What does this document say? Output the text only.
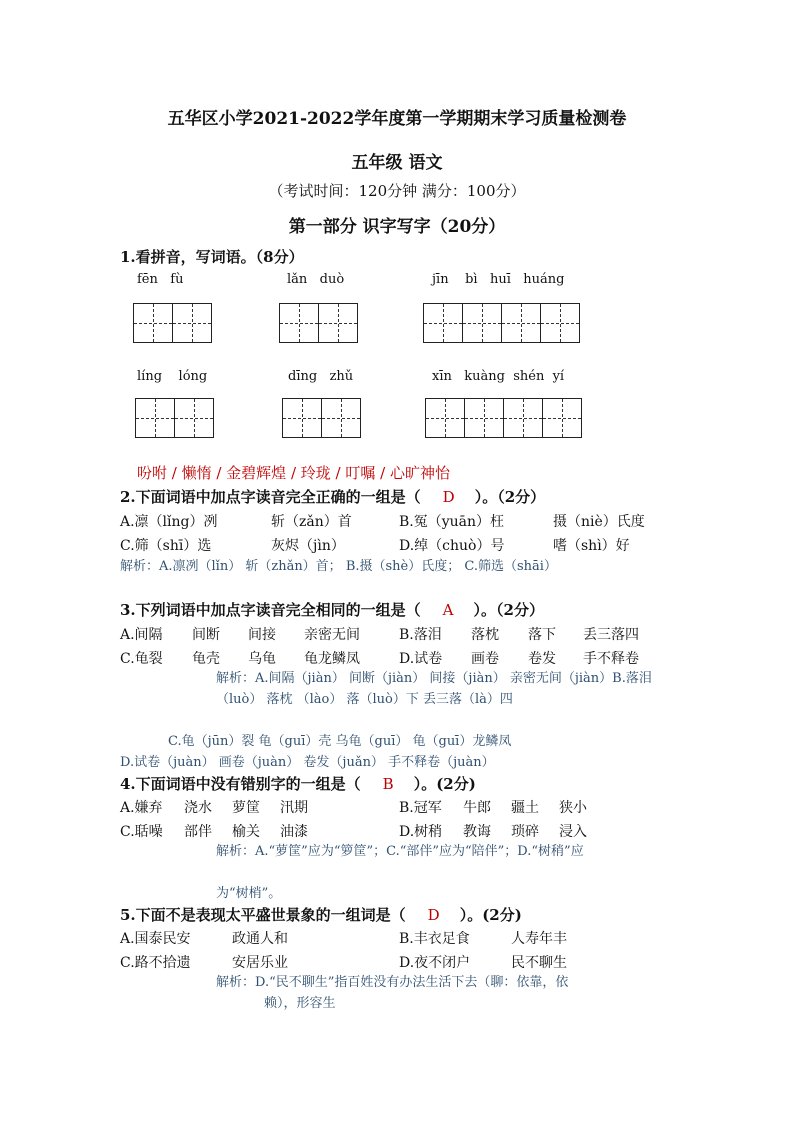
五华区小学2021-2022学年度第一学期期末学习质量检测卷
五年级 语文
（考试时间：120分钟 满分：100分）
第一部分 识字写字（20分）
1.看拼音，写词语。（8分）
fēn   fù	lǎn   duò	jīn    bì   huī   huáng
líng    lóng	dīng   zhǔ	xīn   kuàng  shén  yí
吩咐 / 懒惰 / 金碧辉煌 / 玲珑 / 叮嘱 / 心旷神怡
2.下面词语中加点字读音完全正确的一组是（ D ）。（2分）
A.凛（lǐng）冽	斩（zǎn）首	B.冤（yuān）枉	摄（niè）氏度
C.筛（shī）选	灰烬（jìn）	D.绰（chuò）号	嗜（shì）好
解析：A.凛冽（lǐn） 斩（zhǎn）首； B.摄（shè）氏度； C.筛选（shāi）
3.下列词语中加点字读音完全相同的一组是（ A ）。（2分）
A.间隔 间断 间接 亲密无间	B.落泪 落枕 落下 丢三落四
C.龟裂 龟壳 乌龟 龟龙鳞凤	D.试卷 画卷 卷发 手不释卷
解析：A.间隔（jiàn） 间断（jiàn） 间接（jiàn） 亲密无间（jiàn）B.落泪（luò） 落枕 （lào） 落（luò）下 丢三落（là）四
C.龟（jūn）裂 龟（guī）壳 乌龟（guī） 龟（guī）龙鳞凤
D.试卷（juàn） 画卷（juàn） 卷发（juǎn） 手不释卷（juàn）
4.下面词语中没有错别字的一组是（ B ）。(2分)
A.嫌弃 浇水 萝筐 汛期	B.冠军 牛郎 疆土 狭小
C.聒噪 部伴 榆关 油漆	D.树稍 教诲 琐碎 浸入
解析：A.“萝筐”应为“箩筐”；C.“部伴”应为“陪伴”；D.“树稍”应
为“树梢”。
5.下面不是表现太平盛世景象的一组词是（ D ）。(2分)
A.国泰民安	政通人和	B.丰衣足食	人寿年丰
C.路不拾遗	安居乐业	D.夜不闭户	民不聊生
解析：D.“民不聊生”指百姓没有办法生活下去（聊：依靠，依
赖），形容生
